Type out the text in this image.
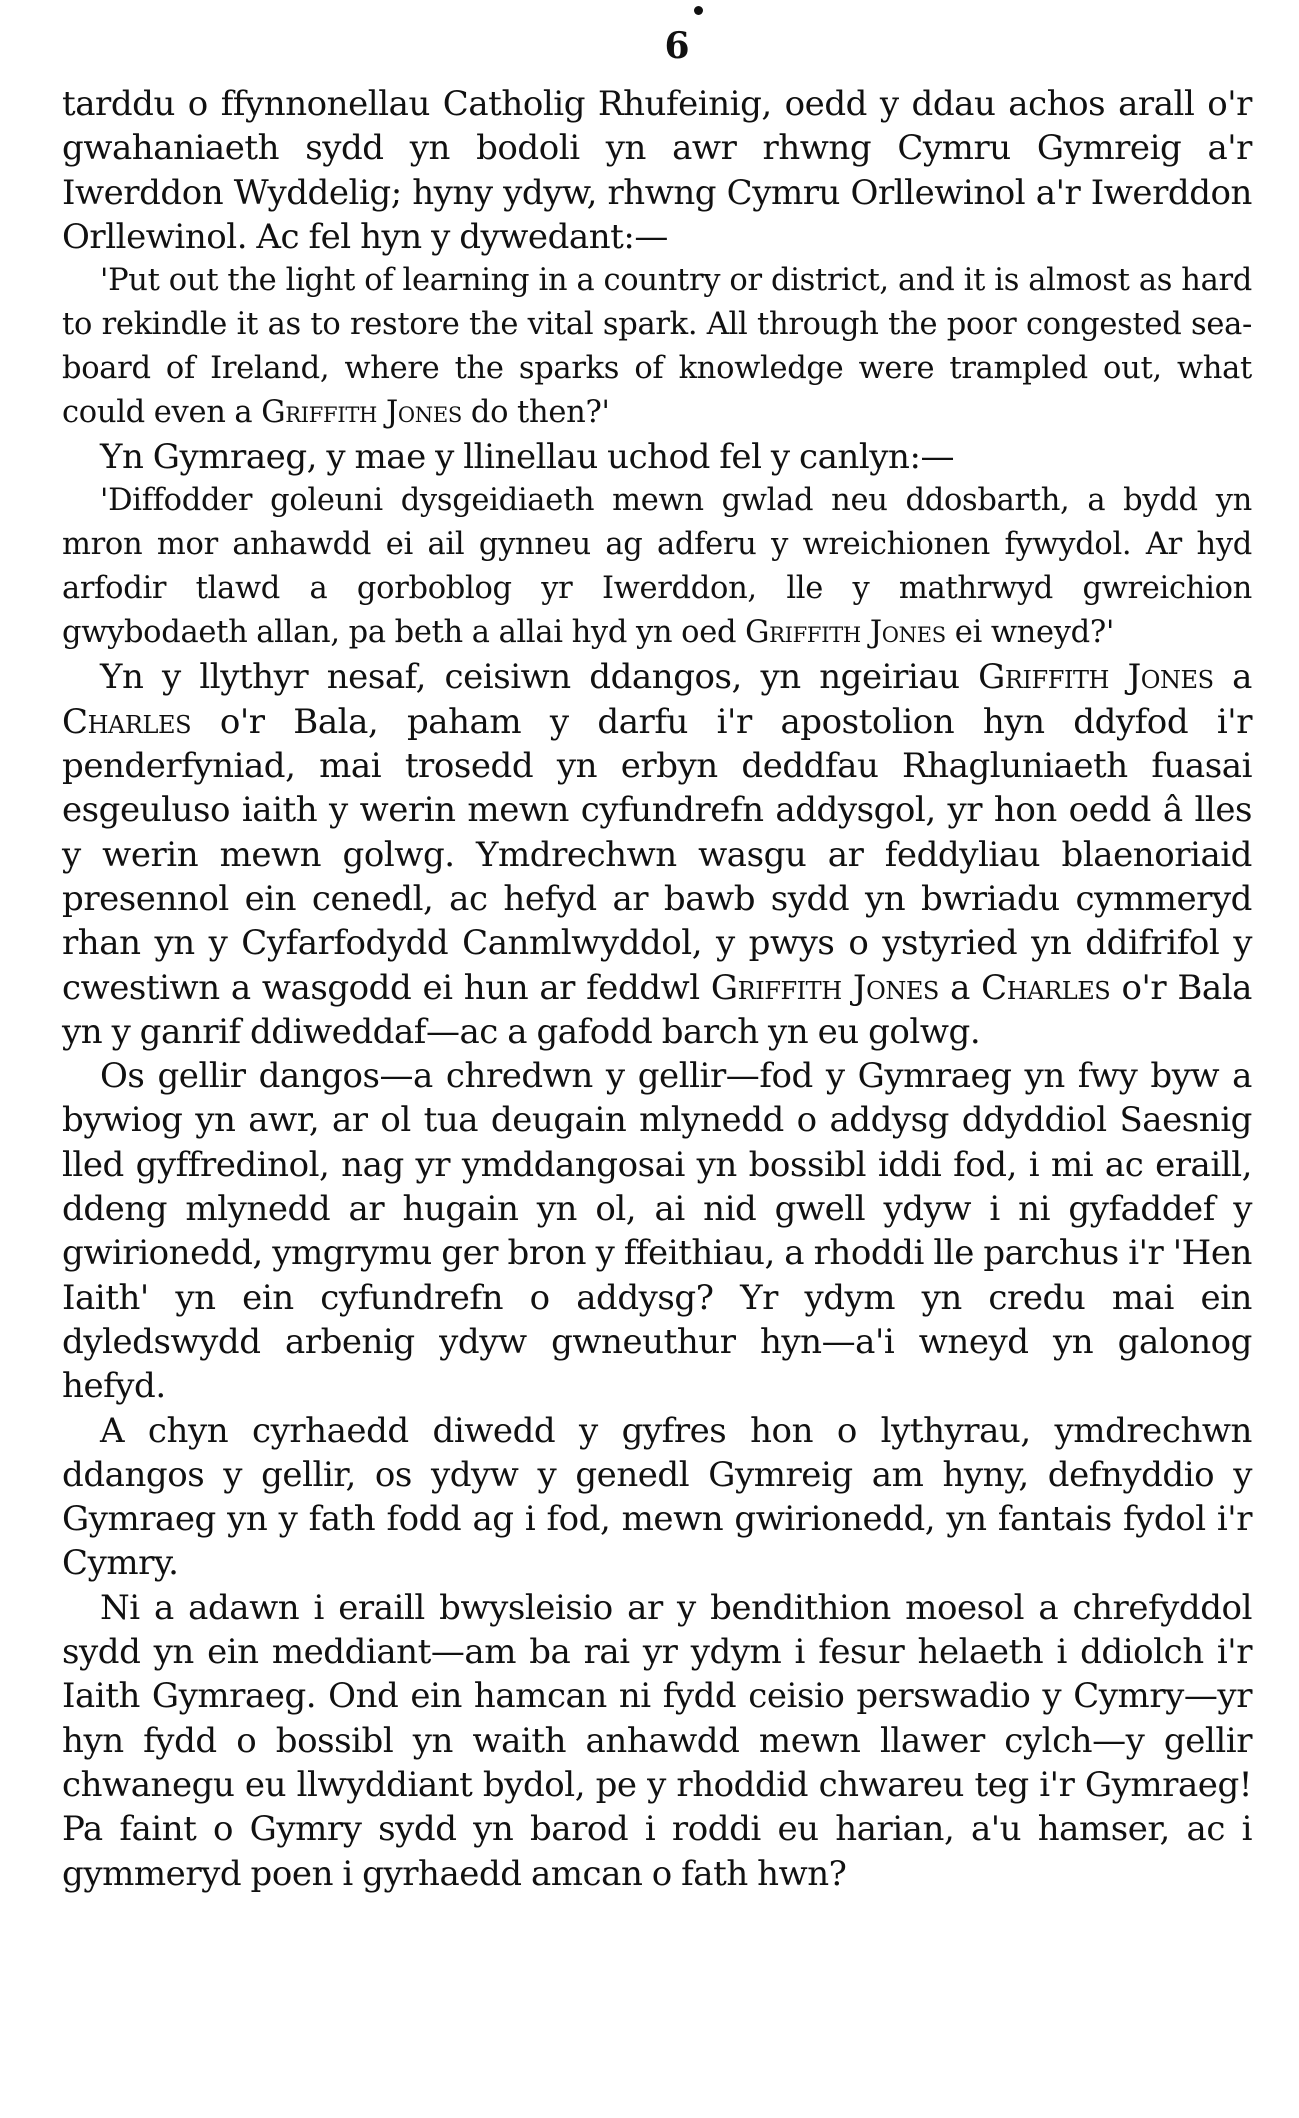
6

tarddu o ffynnonellau Catholig Rhufeinig, oedd y ddau achos arall o'r gwahaniaeth sydd yn bodoli yn awr rhwng Cymru Gymreig a'r Iwerddon Wyddelig; hyny ydyw, rhwng Cymru Orllewinol a'r Iwerddon Orllewinol. Ac fel hyn y dywedant:—

'Put out the light of learning in a country or district, and it is almost as hard to rekindle it as to restore the vital spark. All through the poor congested sea-board of Ireland, where the sparks of knowledge were trampled out, what could even a Griffith Jones do then?'

Yn Gymraeg, y mae y llinellau uchod fel y canlyn:—

'Diffodder goleuni dysgeidiaeth mewn gwlad neu ddosbarth, a bydd yn mron mor anhawdd ei ail gynneu ag adferu y wreichionen fywydol. Ar hyd arfodir tlawd a gorboblog yr Iwerddon, lle y mathrwyd gwreichion gwybodaeth allan, pa beth a allai hyd yn oed Griffith Jones ei wneyd?'

Yn y llythyr nesaf, ceisiwn ddangos, yn ngeiriau Griffith Jones a Charles o'r Bala, paham y darfu i'r apostolion hyn ddyfod i'r penderfyniad, mai trosedd yn erbyn deddfau Rhagluniaeth fuasai esgeuluso iaith y werin mewn cyfundrefn addysgol, yr hon oedd â lles y werin mewn golwg. Ymdrechwn wasgu ar feddyliau blaenoriaid presennol ein cenedl, ac hefyd ar bawb sydd yn bwriadu cymmeryd rhan yn y Cyfarfodydd Canmlwyddol, y pwys o ystyried yn ddifrifol y cwestiwn a wasgodd ei hun ar feddwl Griffith Jones a Charles o'r Bala yn y ganrif ddiweddaf—ac a gafodd barch yn eu golwg.

Os gellir dangos—a chredwn y gellir—fod y Gymraeg yn fwy byw a bywiog yn awr, ar ol tua deugain mlynedd o addysg ddyddiol Saesnig lled gyffredinol, nag yr ymddangosai yn bossibl iddi fod, i mi ac eraill, ddeng mlynedd ar hugain yn ol, ai nid gwell ydyw i ni gyfaddef y gwirionedd, ymgrymu ger bron y ffeithiau, a rhoddi lle parchus i'r 'Hen Iaith' yn ein cyfundrefn o addysg? Yr ydym yn credu mai ein dyledswydd arbenig ydyw gwneuthur hyn—a'i wneyd yn galonog hefyd.

A chyn cyrhaedd diwedd y gyfres hon o lythyrau, ymdrechwn ddangos y gellir, os ydyw y genedl Gymreig am hyny, defnyddio y Gymraeg yn y fath fodd ag i fod, mewn gwirionedd, yn fantais fydol i'r Cymry.

Ni a adawn i eraill bwysleisio ar y bendithion moesol a chrefyddol sydd yn ein meddiant—am ba rai yr ydym i fesur helaeth i ddiolch i'r Iaith Gymraeg. Ond ein hamcan ni fydd ceisio perswadio y Cymry—yr hyn fydd o bossibl yn waith anhawdd mewn llawer cylch—y gellir chwanegu eu llwyddiant bydol, pe y rhoddid chwareu teg i'r Gymraeg! Pa faint o Gymry sydd yn barod i roddi eu harian, a'u hamser, ac i gymmeryd poen i gyrhaedd amcan o fath hwn?
